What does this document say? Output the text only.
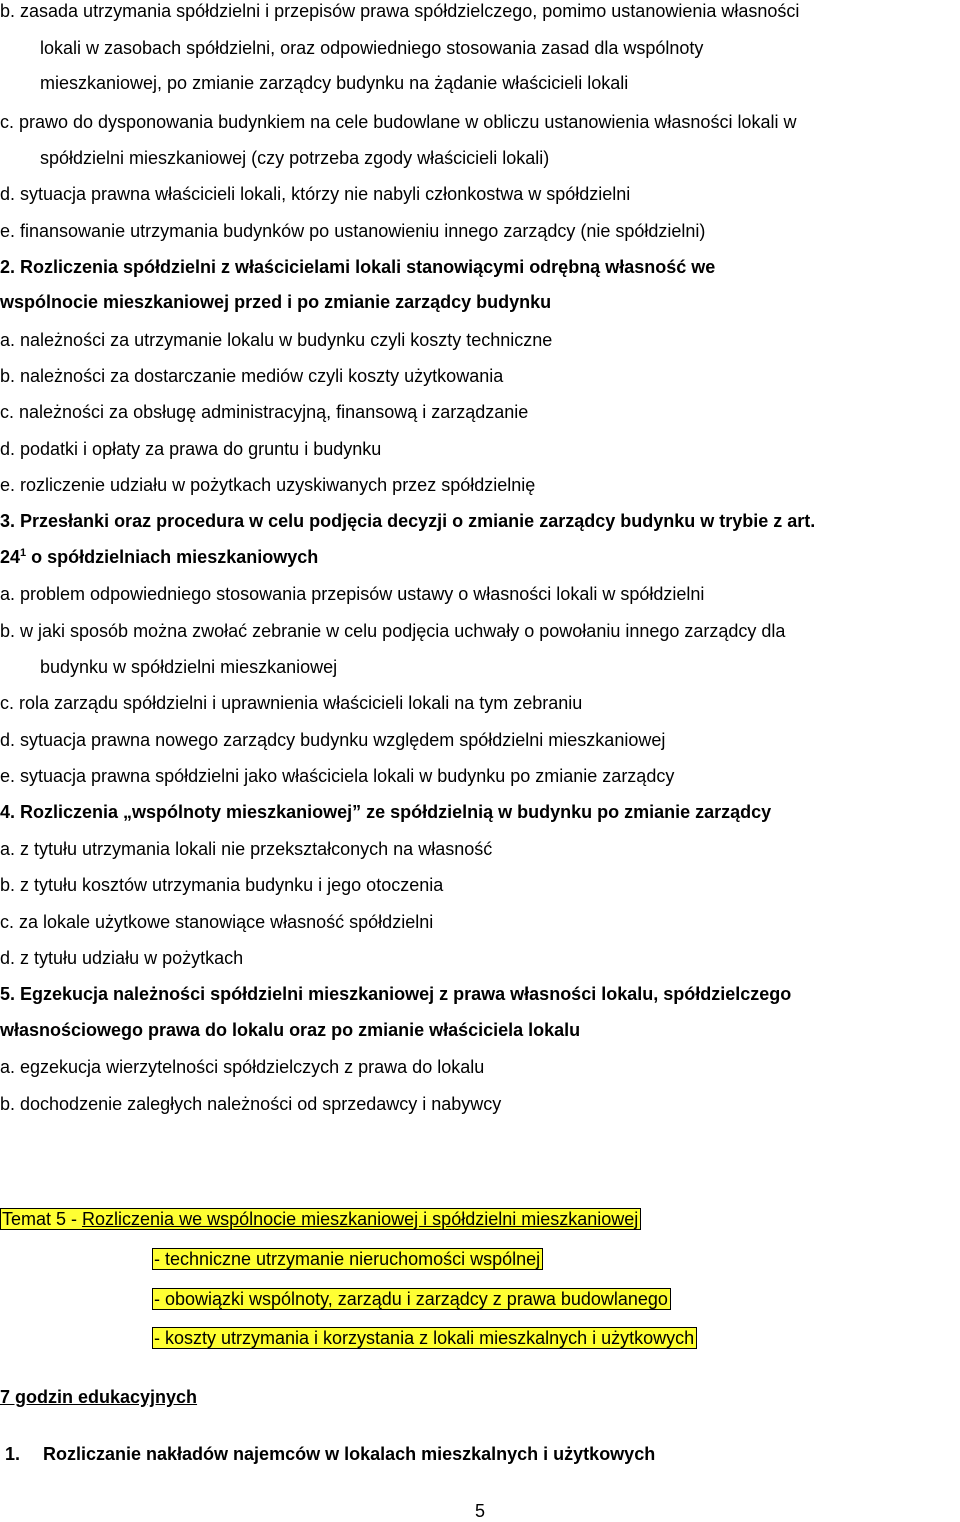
b. zasada utrzymania spółdzielni i przepisów prawa spółdzielczego, pomimo ustanowienia własności
lokali w zasobach spółdzielni, oraz odpowiedniego stosowania zasad dla wspólnoty
mieszkaniowej, po zmianie zarządcy budynku na żądanie właścicieli lokali
c. prawo do dysponowania budynkiem na cele budowlane w obliczu ustanowienia własności lokali w
spółdzielni mieszkaniowej (czy potrzeba zgody właścicieli lokali)
d. sytuacja prawna właścicieli lokali, którzy nie nabyli członkostwa w spółdzielni
e. finansowanie utrzymania budynków po ustanowieniu innego zarządcy (nie spółdzielni)
2. Rozliczenia spółdzielni z właścicielami lokali stanowiącymi odrębną własność we
wspólnocie mieszkaniowej przed i po zmianie zarządcy budynku
a. należności za utrzymanie lokalu w budynku czyli koszty techniczne
b. należności za dostarczanie mediów czyli koszty użytkowania
c. należności za obsługę administracyjną, finansową i zarządzanie
d. podatki i opłaty za prawa do gruntu i budynku
e. rozliczenie udziału w pożytkach uzyskiwanych przez spółdzielnię
3. Przesłanki oraz procedura w celu podjęcia decyzji o zmianie zarządcy budynku w trybie z art.
$24^1$ o spółdzielniach mieszkaniowych
a. problem odpowiedniego stosowania przepisów ustawy o własności lokali w spółdzielni
b. w jaki sposób można zwołać zebranie w celu podjęcia uchwały o powołaniu innego zarządcy dla
budynku w spółdzielni mieszkaniowej
c. rola zarządu spółdzielni i uprawnienia właścicieli lokali na tym zebraniu
d. sytuacja prawna nowego zarządcy budynku względem spółdzielni mieszkaniowej
e. sytuacja prawna spółdzielni jako właściciela lokali w budynku po zmianie zarządcy
4. Rozliczenia „wspólnoty mieszkaniowej” ze spółdzielnią w budynku po zmianie zarządcy
a. z tytułu utrzymania lokali nie przekształconych na własność
b. z tytułu kosztów utrzymania budynku i jego otoczenia
c. za lokale użytkowe stanowiące własność spółdzielni
d. z tytułu udziału w pożytkach
5. Egzekucja należności spółdzielni mieszkaniowej z prawa własności lokalu, spółdzielczego
własnościowego prawa do lokalu oraz po zmianie właściciela lokalu
a. egzekucja wierzytelności spółdzielczych z prawa do lokalu
b. dochodzenie zaległych należności od sprzedawcy i nabywcy
Temat 5 - Rozliczenia we wspólnocie mieszkaniowej i spółdzielni mieszkaniowej
- techniczne utrzymanie nieruchomości wspólnej
- obowiązki wspólnoty, zarządu i zarządcy z prawa budowlanego
- koszty utrzymania i korzystania z lokali mieszkalnych i użytkowych
7 godzin edukacyjnych
1. Rozliczanie nakładów najemców w lokalach mieszkalnych i użytkowych
5
